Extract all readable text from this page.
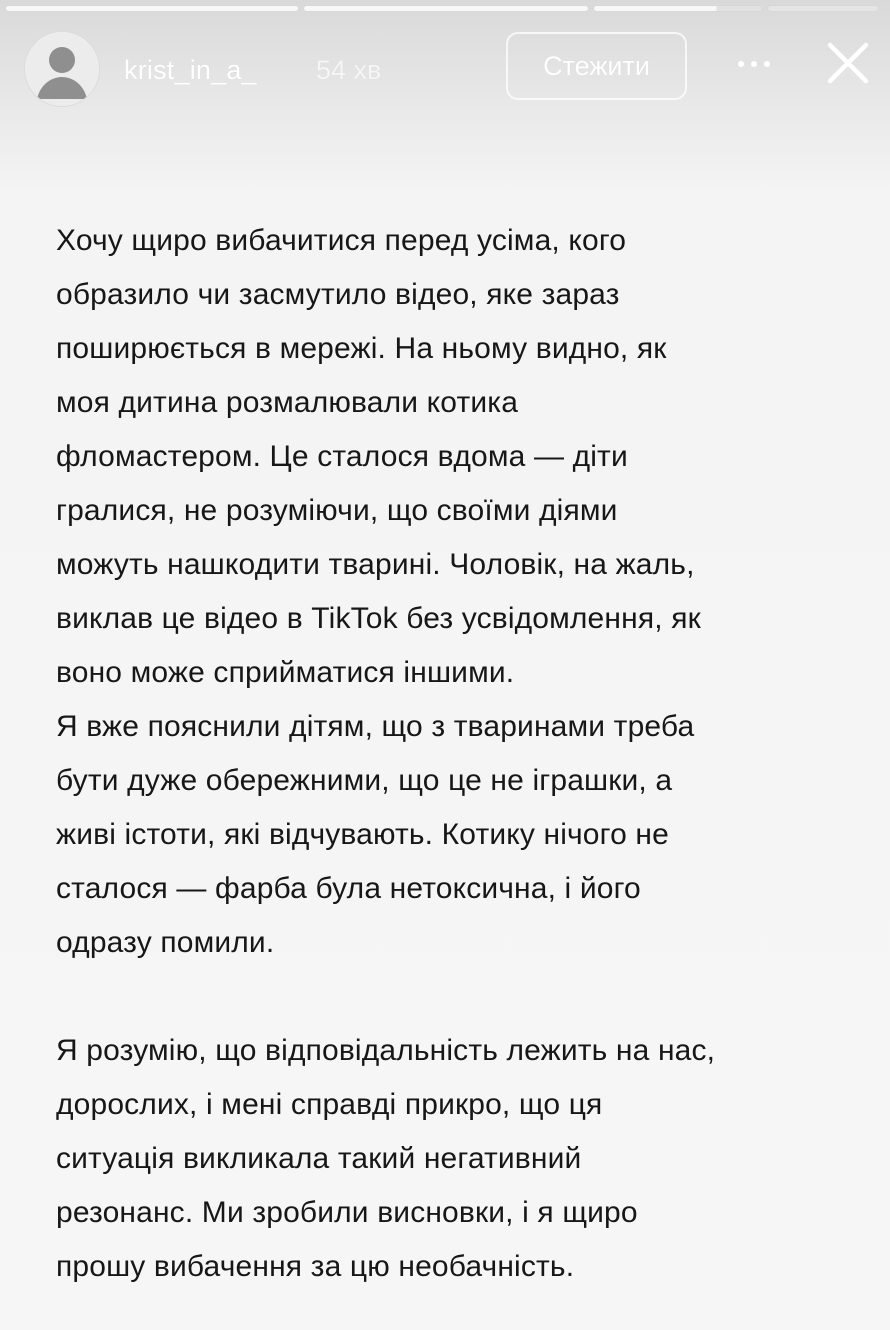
krist_in_a_ 54 хв	Стежити
Хочу щиро вибачитися перед усіма, кого
образило чи засмутило відео, яке зараз
поширюється в мережі. На ньому видно, як
моя дитина розмалювали котика
фломастером. Це сталося вдома — діти
гралися, не розуміючи, що своїми діями
можуть нашкодити тварині. Чоловік, на жаль,
виклав це відео в TikTok без усвідомлення, як
воно може сприйматися іншими.
Я вже пояснили дітям, що з тваринами треба
бути дуже обережними, що це не іграшки, а
живі істоти, які відчувають. Котику нічого не
сталося — фарба була нетоксична, і його
одразу помили.
Я розумію, що відповідальність лежить на нас,
дорослих, і мені справді прикро, що ця
ситуація викликала такий негативний
резонанс. Ми зробили висновки, і я щиро
прошу вибачення за цю необачність.
